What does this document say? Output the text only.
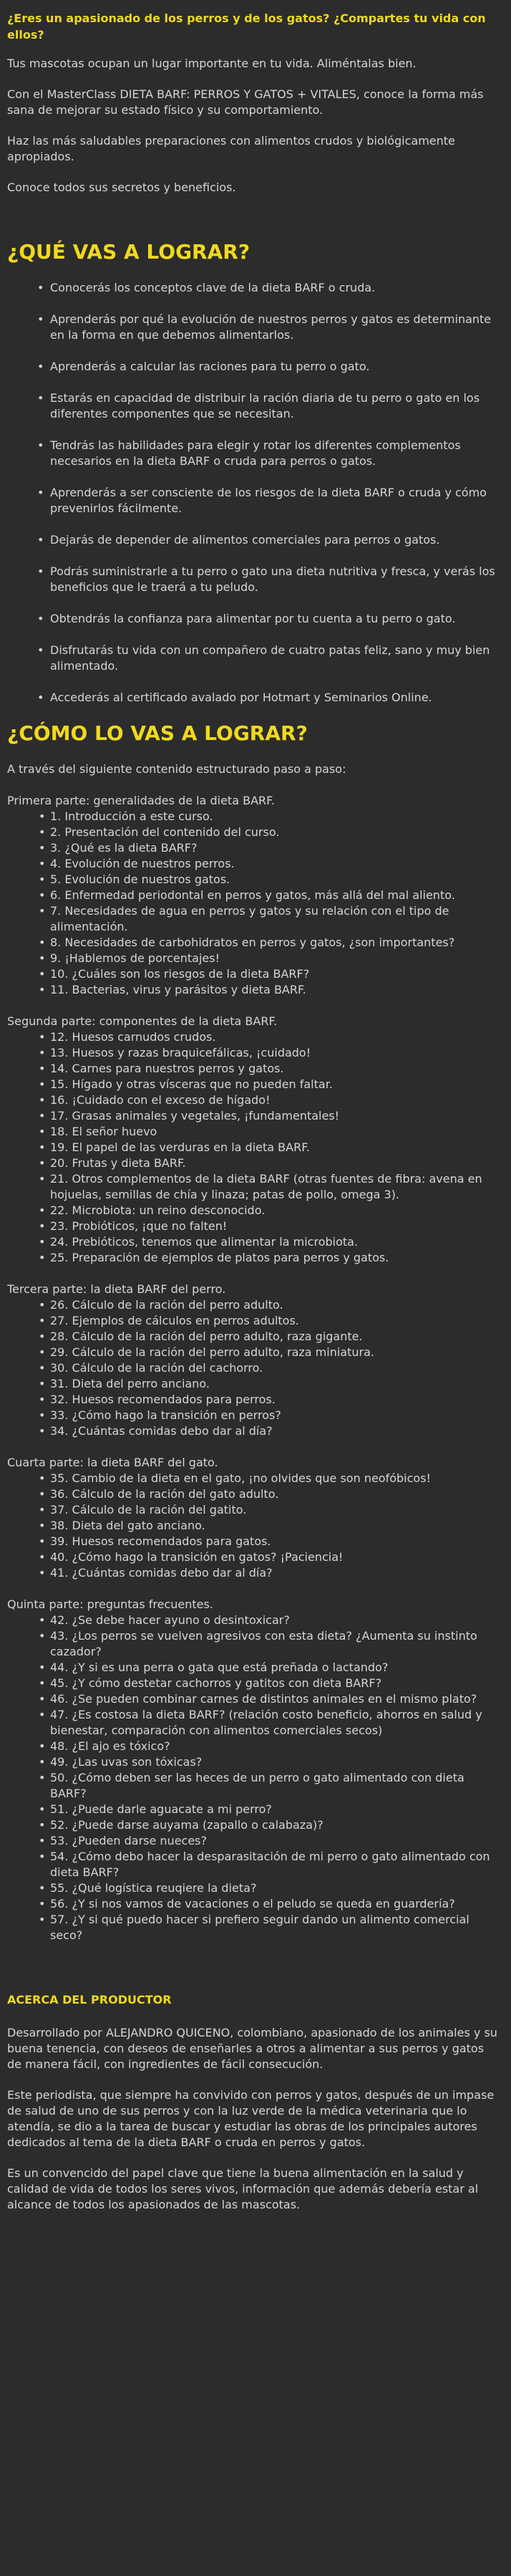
¿Eres un apasionado de los perros y de los gatos? ¿Compartes tu vida con ellos?

Tus mascotas ocupan un lugar importante en tu vida. Aliméntalas bien.

Con el MasterClass DIETA BARF: PERROS Y GATOS + VITALES, conoce la forma más sana de mejorar su estado físico y su comportamiento.

Haz las más saludables preparaciones con alimentos crudos y biológicamente apropiados.

Conoce todos sus secretos y beneficios.

¿QUÉ VAS A LOGRAR?
• Conocerás los conceptos clave de la dieta BARF o cruda.
• Aprenderás por qué la evolución de nuestros perros y gatos es determinante en la forma en que debemos alimentarlos.
• Aprenderás a calcular las raciones para tu perro o gato.
• Estarás en capacidad de distribuir la ración diaria de tu perro o gato en los diferentes componentes que se necesitan.
• Tendrás las habilidades para elegir y rotar los diferentes complementos necesarios en la dieta BARF o cruda para perros o gatos.
• Aprenderás a ser consciente de los riesgos de la dieta BARF o cruda y cómo prevenirlos fácilmente.
• Dejarás de depender de alimentos comerciales para perros o gatos.
• Podrás suministrarle a tu perro o gato una dieta nutritiva y fresca, y verás los beneficios que le traerá a tu peludo.
• Obtendrás la confianza para alimentar por tu cuenta a tu perro o gato.
• Disfrutarás tu vida con un compañero de cuatro patas feliz, sano y muy bien alimentado.
• Accederás al certificado avalado por Hotmart y Seminarios Online.
¿CÓMO LO VAS A LOGRAR?

A través del siguiente contenido estructurado paso a paso:

Primera parte: generalidades de la dieta BARF.
• 1. Introducción a este curso.
• 2. Presentación del contenido del curso.
• 3. ¿Qué es la dieta BARF?
• 4. Evolución de nuestros perros.
• 5. Evolución de nuestros gatos.
• 6. Enfermedad periodontal en perros y gatos, más allá del mal aliento.
• 7. Necesidades de agua en perros y gatos y su relación con el tipo de alimentación.
• 8. Necesidades de carbohidratos en perros y gatos, ¿son importantes?
• 9. ¡Hablemos de porcentajes!
• 10. ¿Cuáles son los riesgos de la dieta BARF?
• 11. Bacterias, virus y parásitos y dieta BARF.
Segunda parte: componentes de la dieta BARF.
• 12. Huesos carnudos crudos.
• 13. Huesos y razas braquicefálicas, ¡cuidado!
• 14. Carnes para nuestros perros y gatos.
• 15. Hígado y otras vísceras que no pueden faltar.
• 16. ¡Cuidado con el exceso de hígado!
• 17. Grasas animales y vegetales, ¡fundamentales!
• 18. El señor huevo
• 19. El papel de las verduras en la dieta BARF.
• 20. Frutas y dieta BARF.
• 21. Otros complementos de la dieta BARF (otras fuentes de fibra: avena en hojuelas, semillas de chía y linaza; patas de pollo, omega 3).
• 22. Microbiota: un reino desconocido.
• 23. Probióticos, ¡que no falten!
• 24. Prebióticos, tenemos que alimentar la microbiota.
• 25. Preparación de ejemplos de platos para perros y gatos.
Tercera parte: la dieta BARF del perro.
• 26. Cálculo de la ración del perro adulto.
• 27. Ejemplos de cálculos en perros adultos.
• 28. Cálculo de la ración del perro adulto, raza gigante.
• 29. Cálculo de la ración del perro adulto, raza miniatura.
• 30. Cálculo de la ración del cachorro.
• 31. Dieta del perro anciano.
• 32. Huesos recomendados para perros.
• 33. ¿Cómo hago la transición en perros?
• 34. ¿Cuántas comidas debo dar al día?
Cuarta parte: la dieta BARF del gato.
• 35. Cambio de la dieta en el gato, ¡no olvides que son neofóbicos!
• 36. Cálculo de la ración del gato adulto.
• 37. Cálculo de la ración del gatito.
• 38. Dieta del gato anciano.
• 39. Huesos recomendados para gatos.
• 40. ¿Cómo hago la transición en gatos? ¡Paciencia!
• 41. ¿Cuántas comidas debo dar al día?
Quinta parte: preguntas frecuentes.
• 42. ¿Se debe hacer ayuno o desintoxicar?
• 43. ¿Los perros se vuelven agresivos con esta dieta? ¿Aumenta su instinto cazador?
• 44. ¿Y si es una perra o gata que está preñada o lactando?
• 45. ¿Y cómo destetar cachorros y gatitos con dieta BARF?
• 46. ¿Se pueden combinar carnes de distintos animales en el mismo plato?
• 47. ¿Es costosa la dieta BARF? (relación costo beneficio, ahorros en salud y bienestar, comparación con alimentos comerciales secos)
• 48. ¿El ajo es tóxico?
• 49. ¿Las uvas son tóxicas?
• 50. ¿Cómo deben ser las heces de un perro o gato alimentado con dieta BARF?
• 51. ¿Puede darle aguacate a mi perro?
• 52. ¿Puede darse auyama (zapallo o calabaza)?
• 53. ¿Pueden darse nueces?
• 54. ¿Cómo debo hacer la desparasitación de mi perro o gato alimentado con dieta BARF?
• 55. ¿Qué logística reuqiere la dieta?
• 56. ¿Y si nos vamos de vacaciones o el peludo se queda en guardería?
• 57. ¿Y si qué puedo hacer si prefiero seguir dando un alimento comercial seco?
ACERCA DEL PRODUCTOR

Desarrollado por ALEJANDRO QUICENO, colombiano, apasionado de los animales y su buena tenencia, con deseos de enseñarles a otros a alimentar a sus perros y gatos de manera fácil, con ingredientes de fácil consecución.

Este periodista, que siempre ha convivido con perros y gatos, después de un impase de salud de uno de sus perros y con la luz verde de la médica veterinaria que lo atendía, se dio a la tarea de buscar y estudiar las obras de los principales autores dedicados al tema de la dieta BARF o cruda en perros y gatos.

Es un convencido del papel clave que tiene la buena alimentación en la salud y calidad de vida de todos los seres vivos, información que además debería estar al alcance de todos los apasionados de las mascotas.
